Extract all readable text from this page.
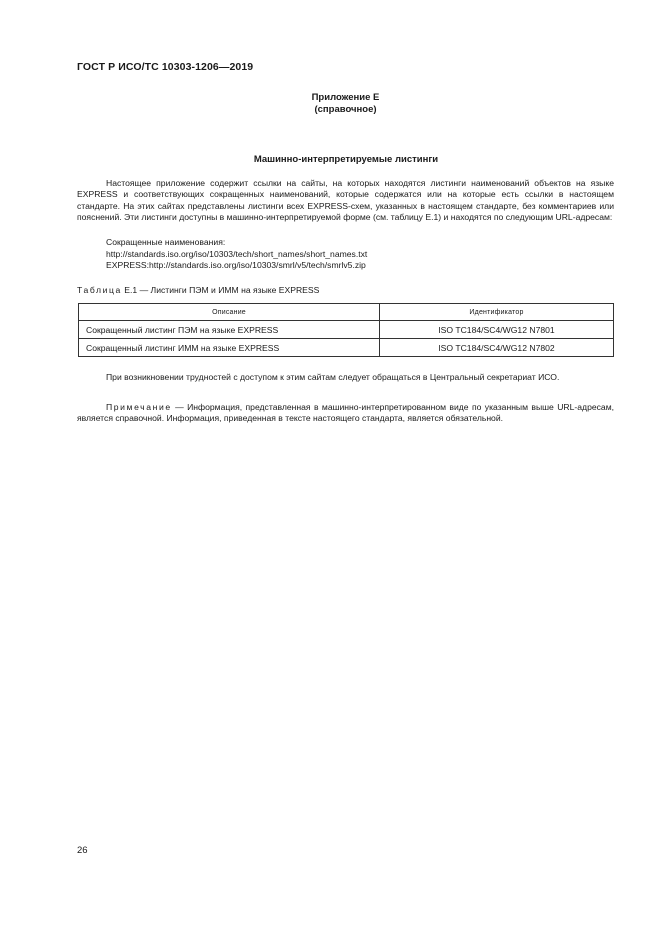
ГОСТ Р ИСО/ТС 10303-1206—2019
Приложение Е
(справочное)
Машинно-интерпретируемые листинги

Настоящее приложение содержит ссылки на сайты, на которых находятся листинги наименований объектов на языке EXPRESS и соответствующих сокращенных наименований, которые содержатся или на которые есть ссылки в настоящем стандарте. На этих сайтах представлены листинги всех EXPRESS-схем, указанных в настоящем стандарте, без комментариев или пояснений. Эти листинги доступны в машинно-интерпретируемой форме (см. таблицу Е.1) и находятся по следующим URL-адресам:

Сокращенные наименования:
http://standards.iso.org/iso/10303/tech/short_names/short_names.txt
EXPRESS:http://standards.iso.org/iso/10303/smrl/v5/tech/smrlv5.zip
Таблица Е.1 — Листинги ПЭМ и ИММ на языке EXPRESS
Описание	Идентификатор
Сокращенный листинг ПЭМ на языке EXPRESS	ISO TC184/SC4/WG12 N7801
Сокращенный листинг ИММ на языке EXPRESS	ISO TC184/SC4/WG12 N7802

При возникновении трудностей с доступом к этим сайтам следует обращаться в Центральный секретариат ИСО.

Примечание — Информация, представленная в машинно-интерпретированном виде по указанным выше URL-адресам, является справочной. Информация, приведенная в тексте настоящего стандарта, является обязательной.

26
